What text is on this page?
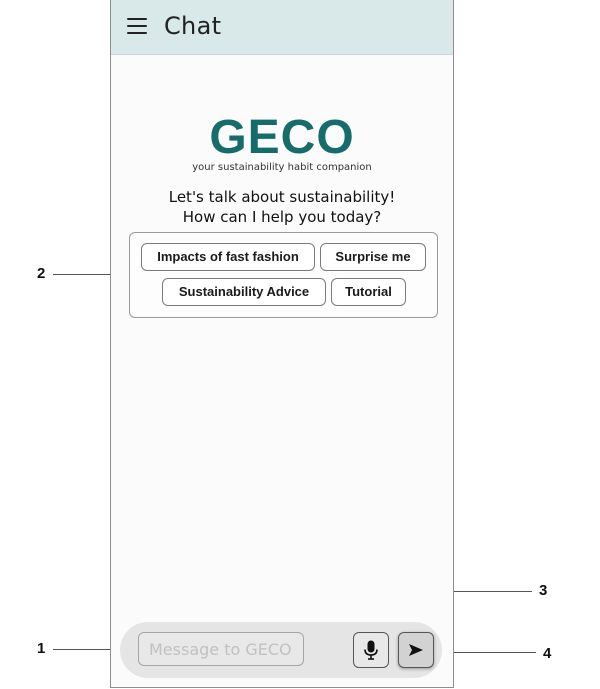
2
1
3
4
Chat
GECO
your sustainability habit companion
Let's talk about sustainability!
How can I help you today?
Impacts of fast fashion	Surprise me
Sustainability Advice	Tutorial
Message to GECO
